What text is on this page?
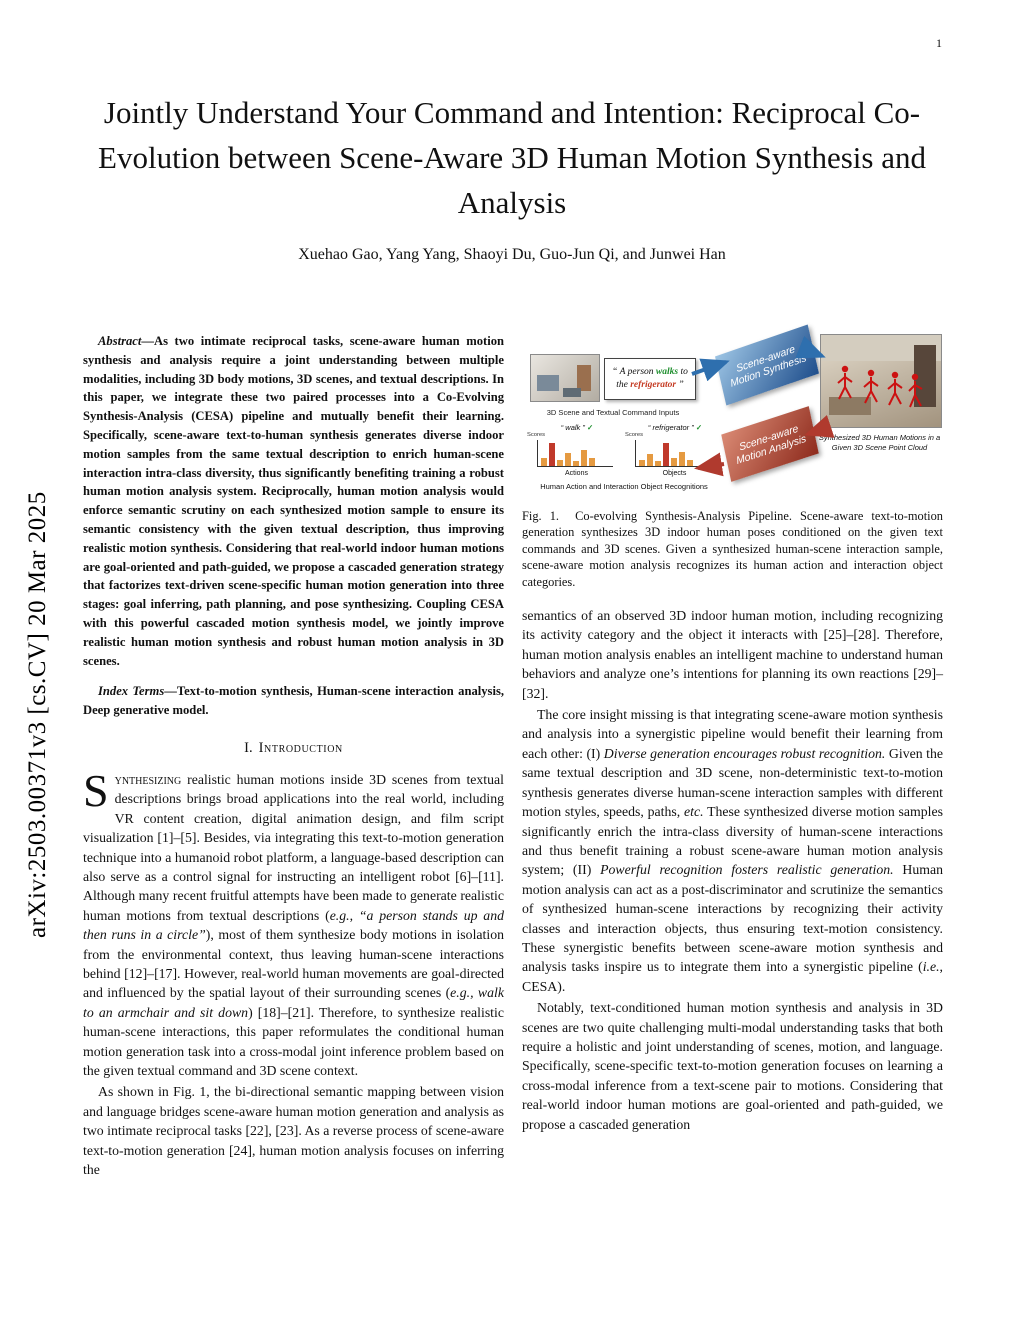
1
arXiv:2503.00371v3 [cs.CV] 20 Mar 2025
Jointly Understand Your Command and Intention: Reciprocal Co-Evolution between Scene-Aware 3D Human Motion Synthesis and Analysis
Xuehao Gao, Yang Yang, Shaoyi Du, Guo-Jun Qi, and Junwei Han

Abstract—As two intimate reciprocal tasks, scene-aware human motion synthesis and analysis require a joint understanding between multiple modalities, including 3D body motions, 3D scenes, and textual descriptions. In this paper, we integrate these two paired processes into a Co-Evolving Synthesis-Analysis (CESA) pipeline and mutually benefit their learning. Specifically, scene-aware text-to-human synthesis generates diverse indoor motion samples from the same textual description to enrich human-scene interaction intra-class diversity, thus significantly benefiting training a robust human motion analysis system. Reciprocally, human motion analysis would enforce semantic scrutiny on each synthesized motion sample to ensure its semantic consistency with the given textual description, thus improving realistic motion synthesis. Considering that real-world indoor human motions are goal-oriented and path-guided, we propose a cascaded generation strategy that factorizes text-driven scene-specific human motion generation into three stages: goal inferring, path planning, and pose synthesizing. Coupling CESA with this powerful cascaded motion synthesis model, we jointly improve realistic human motion synthesis and robust human motion analysis in 3D scenes.

Index Terms—Text-to-motion synthesis, Human-scene interaction analysis, Deep generative model.

I. Introduction

Synthesizing realistic human motions inside 3D scenes from textual descriptions brings broad applications into the real world, including VR content creation, digital animation design, and film script visualization [1]–[5]. Besides, via integrating this text-to-motion generation technique into a humanoid robot platform, a language-based description can also serve as a control signal for instructing an intelligent robot [6]–[11]. Although many recent fruitful attempts have been made to generate realistic human motions from textual descriptions (e.g., “a person stands up and then runs in a circle”), most of them synthesize body motions in isolation from the environmental context, thus leaving human-scene interactions behind [12]–[17]. However, real-world human movements are goal-directed and influenced by the spatial layout of their surrounding scenes (e.g., walk to an armchair and sit down) [18]–[21]. Therefore, to synthesize realistic human-scene interactions, this paper reformulates the conditional human motion generation task into a cross-modal joint inference problem based on the given textual command and 3D scene context.

As shown in Fig. 1, the bi-directional semantic mapping between vision and language bridges scene-aware human motion generation and analysis as two intimate reciprocal tasks [22], [23]. As a reverse process of scene-aware text-to-motion generation [24], human motion analysis focuses on inferring the

“ A person walks to
the refrigerator ”
3D Scene and Textual Command Inputs
Scene-aware Motion Synthesis
Scene-aware Motion Analysis	Synthesized 3D Human Motions in a Given 3D Scene Point Cloud
“ walk ” ✓
Scores
Actions
“ refrigerator ” ✓
Scores
Objects
Human Action and Interaction Object Recognitions

Fig. 1. Co-evolving Synthesis-Analysis Pipeline. Scene-aware text-to-motion generation synthesizes 3D indoor human poses conditioned on the given text commands and 3D scenes. Given a synthesized human-scene interaction sample, scene-aware motion analysis recognizes its human action and interaction object categories.

semantics of an observed 3D indoor human motion, including recognizing its activity category and the object it interacts with [25]–[28]. Therefore, human motion analysis enables an intelligent machine to understand human behaviors and analyze one’s intentions for planning its own reactions [29]–[32].

The core insight missing is that integrating scene-aware motion synthesis and analysis into a synergistic pipeline would benefit their learning from each other: (I) Diverse generation encourages robust recognition. Given the same textual description and 3D scene, non-deterministic text-to-motion synthesis generates diverse human-scene interaction samples with different motion styles, speeds, paths, etc. These synthesized diverse motion samples significantly enrich the intra-class diversity of human-scene interactions and thus benefit training a robust scene-aware human motion analysis system; (II) Powerful recognition fosters realistic generation. Human motion analysis can act as a post-discriminator and scrutinize the semantics of synthesized human-scene interactions by recognizing their activity classes and interaction objects, thus ensuring text-motion consistency. These synergistic benefits between scene-aware motion synthesis and analysis tasks inspire us to integrate them into a synergistic pipeline (i.e., CESA).

Notably, text-conditioned human motion synthesis and analysis in 3D scenes are two quite challenging multi-modal understanding tasks that both require a holistic and joint understanding of scenes, motion, and language. Specifically, scene-specific text-to-motion generation focuses on learning a cross-modal inference from a text-scene pair to motions. Considering that real-world indoor human motions are goal-oriented and path-guided, we propose a cascaded generation
